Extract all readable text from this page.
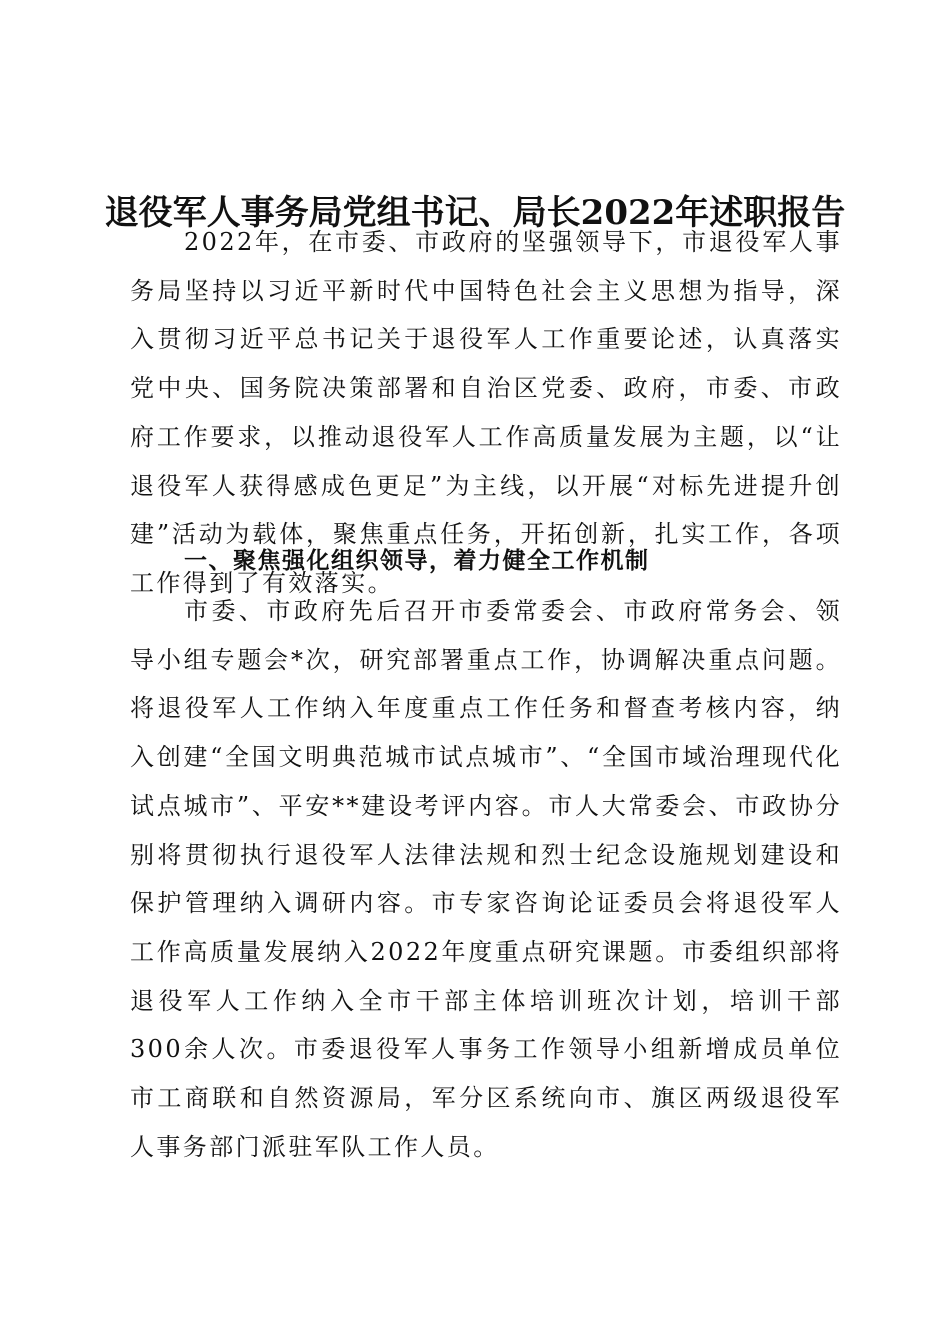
退役军人事务局党组书记、局长2022年述职报告

2022年，在市委、市政府的坚强领导下，市退役军人事务局坚持以习近平新时代中国特色社会主义思想为指导，深入贯彻习近平总书记关于退役军人工作重要论述，认真落实党中央、国务院决策部署和自治区党委、政府，市委、市政府工作要求，以推动退役军人工作高质量发展为主题，以“让退役军人获得感成色更足”为主线，以开展“对标先进提升创建”活动为载体，聚焦重点任务，开拓创新，扎实工作，各项工作得到了有效落实。

一、聚焦强化组织领导，着力健全工作机制

市委、市政府先后召开市委常委会、市政府常务会、领导小组专题会*次，研究部署重点工作，协调解决重点问题。将退役军人工作纳入年度重点工作任务和督查考核内容，纳入创建“全国文明典范城市试点城市”、“全国市域治理现代化试点城市”、平安**建设考评内容。市人大常委会、市政协分别将贯彻执行退役军人法律法规和烈士纪念设施规划建设和保护管理纳入调研内容。市专家咨询论证委员会将退役军人工作高质量发展纳入2022年度重点研究课题。市委组织部将退役军人工作纳入全市干部主体培训班次计划，培训干部300余人次。市委退役军人事务工作领导小组新增成员单位市工商联和自然资源局，军分区系统向市、旗区两级退役军人事务部门派驻军队工作人员。
